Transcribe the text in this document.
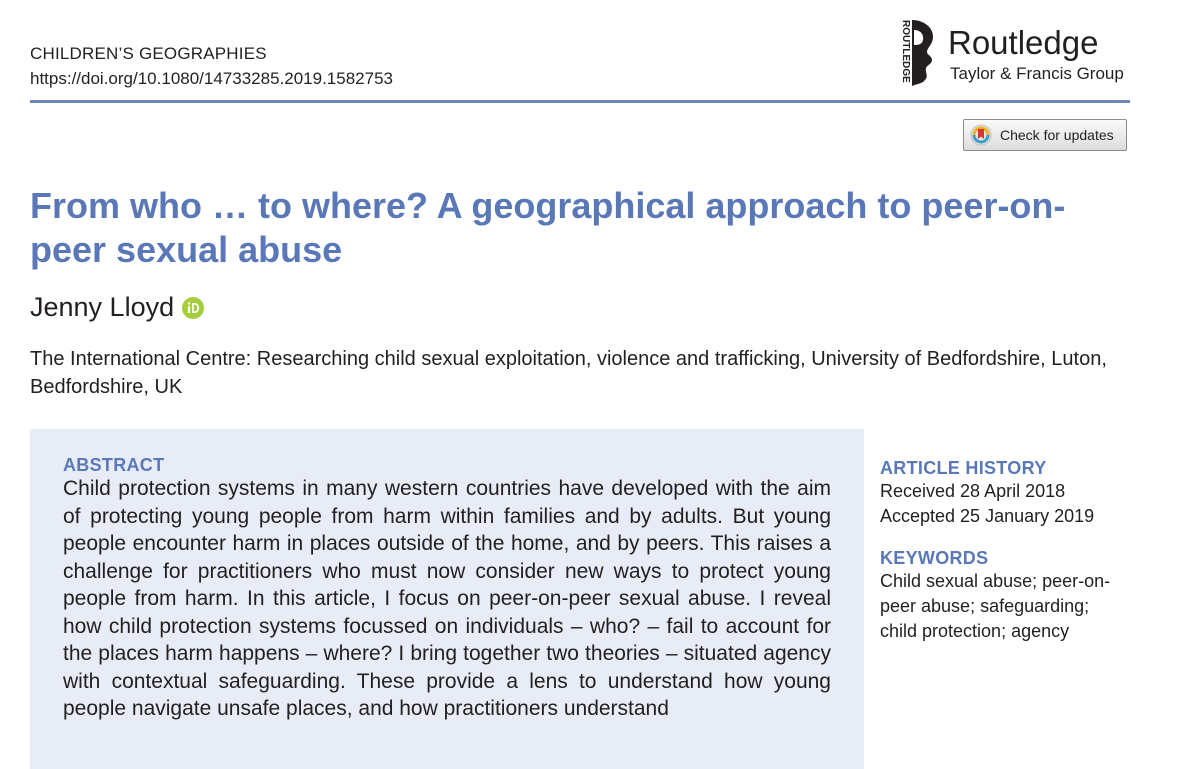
CHILDREN’S GEOGRAPHIES
https://doi.org/10.1080/14733285.2019.1582753	ROUTLEDGE Routledge
Taylor & Francis Group
Check for updates
From who … to where? A geographical approach to peer-on-peer sexual abuse
Jenny Lloyd
The International Centre: Researching child sexual exploitation, violence and trafficking, University of Bedfordshire, Luton, Bedfordshire, UK
ABSTRACT

Child protection systems in many western countries have developed with the aim of protecting young people from harm within families and by adults. But young people encounter harm in places outside of the home, and by peers. This raises a challenge for practitioners who must now consider new ways to protect young people from harm. In this article, I focus on peer-on-peer sexual abuse. I reveal how child protection systems focussed on individuals – who? – fail to account for the places harm happens – where? I bring together two theories – situated agency with contextual safeguarding. These provide a lens to understand how young people navigate unsafe places, and how practitioners understand

ARTICLE HISTORY
Received 28 April 2018
Accepted 25 January 2019
KEYWORDS
Child sexual abuse; peer-on-peer abuse; safeguarding; child protection; agency
